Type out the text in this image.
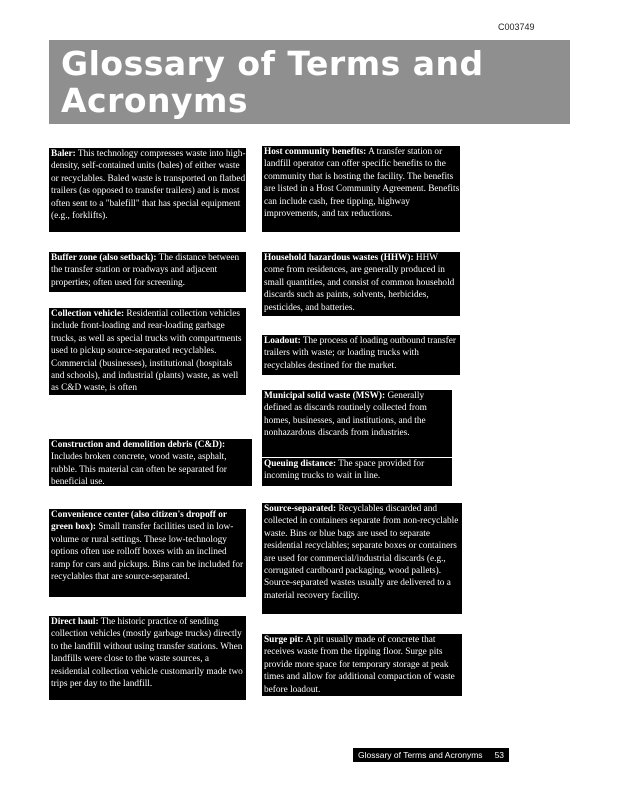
C003749
Glossary of Terms and
Acronyms
Baler: This technology compresses waste into high-density, self-contained units (bales) of either waste or recyclables. Baled waste is transported on flatbed trailers (as opposed to transfer trailers) and is most often sent to a "balefill" that has special equipment (e.g., forklifts).
Buffer zone (also setback): The distance between the transfer station or roadways and adjacent properties; often used for screening.
Collection vehicle: Residential collection vehicles include front-loading and rear-loading garbage trucks, as well as special trucks with compartments used to pickup source-separated recyclables. Commercial (businesses), institutional (hospitals and schools), and industrial (plants) waste, as well as C&D waste, is often
Construction and demolition debris (C&D): Includes broken concrete, wood waste, asphalt, rubble. This material can often be separated for beneficial use.
Convenience center (also citizen's dropoff or green box): Small transfer facilities used in low-volume or rural settings. These low-technology options often use rolloff boxes with an inclined ramp for cars and pickups. Bins can be included for recyclables that are source-separated.
Direct haul: The historic practice of sending collection vehicles (mostly garbage trucks) directly to the landfill without using transfer stations. When landfills were close to the waste sources, a residential collection vehicle customarily made two trips per day to the landfill.
Host community benefits: A transfer station or landfill operator can offer specific benefits to the community that is hosting the facility. The benefits are listed in a Host Community Agreement. Benefits can include cash, free tipping, highway improvements, and tax reductions.
Household hazardous wastes (HHW): HHW come from residences, are generally produced in small quantities, and consist of common household discards such as paints, solvents, herbicides, pesticides, and batteries.
Loadout: The process of loading outbound transfer trailers with waste; or loading trucks with recyclables destined for the market.
Municipal solid waste (MSW): Generally defined as discards routinely collected from homes, businesses, and institutions, and the nonhazardous discards from industries.
Queuing distance: The space provided for incoming trucks to wait in line.
Source-separated: Recyclables discarded and collected in containers separate from non-recyclable waste. Bins or blue bags are used to separate residential recyclables; separate boxes or containers are used for commercial/industrial discards (e.g., corrugated cardboard packaging, wood pallets). Source-separated wastes usually are delivered to a material recovery facility.
Surge pit: A pit usually made of concrete that receives waste from the tipping floor. Surge pits provide more space for temporary storage at peak times and allow for additional compaction of waste before loadout.
Glossary of Terms and Acronyms 53
